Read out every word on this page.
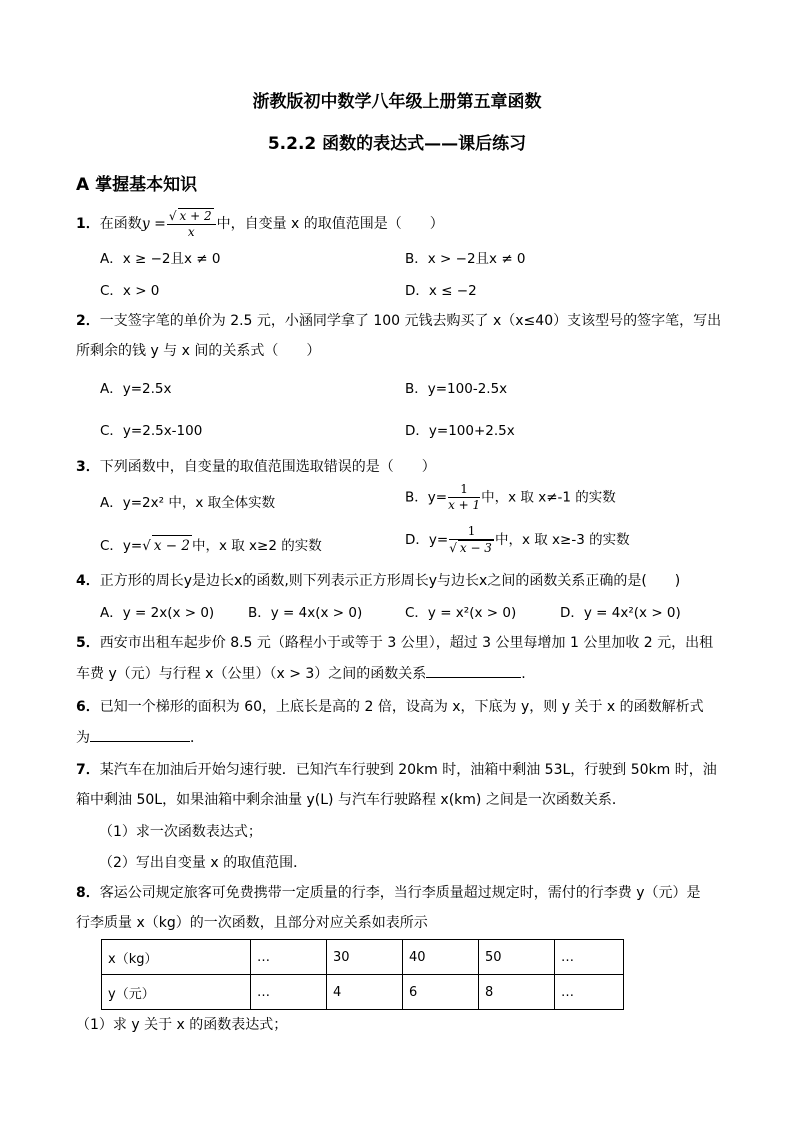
浙教版初中数学八年级上册第五章函数
5.2.2 函数的表达式——课后练习
A 掌握基本知识
1．在函数$y = \frac{√ x + 2}{x}$ 中，自变量 x 的取值范围是（　　）
A．x ≥ −2且x ≠ 0	B．x > −2且x ≠ 0
C．x > 0	D．x ≤ −2
2．一支签字笔的单价为 2.5 元，小涵同学拿了 100 元钱去购买了 x（x≤40）支该型号的签字笔，写出
所剩余的钱 y 与 x 间的关系式（　　）
A．y=2.5x	B．y=100-2.5x
C．y=2.5x-100	D．y=100+2.5x
3．下列函数中，自变量的取值范围选取错误的是（　　）
A．y=2x² 中，x 取全体实数	B．$y= \frac{1}{x + 1}$ 中，x 取 x≠-1 的实数
C．y=√ x − 2 中，x 取 x≥2 的实数	D．$y= \frac{1}{√ x - 3}$ 中，x 取 x≥-3 的实数
4．正方形的周长y是边长x的函数,则下列表示正方形周长y与边长x之间的函数关系正确的是(　　)
A．y = 2x(x > 0)	B．y = 4x(x > 0)	C．y = x²(x > 0)	D．y = 4x²(x > 0)
5．西安市出租车起步价 8.5 元（路程小于或等于 3 公里），超过 3 公里每增加 1 公里加收 2 元，出租
车费 y（元）与行程 x（公里）（x > 3）之间的函数关系	.
6．已知一个梯形的面积为 60，上底长是高的 2 倍，设高为 x，下底为 y，则 y 关于 x 的函数解析式
为	．
7．某汽车在加油后开始匀速行驶．已知汽车行驶到 20km 时，油箱中剩油 53L，行驶到 50km 时，油
箱中剩油 50L，如果油箱中剩余油量 y(L) 与汽车行驶路程 x(km) 之间是一次函数关系．
（1）求一次函数表达式；
（2）写出自变量 x 的取值范围．
8．客运公司规定旅客可免费携带一定质量的行李，当行李质量超过规定时，需付的行李费 y（元）是
行李质量 x（kg）的一次函数，且部分对应关系如表所示
x（kg）	…	30	40	50	…
y（元）	…	4	6	8	…
（1）求 y 关于 x 的函数表达式；
